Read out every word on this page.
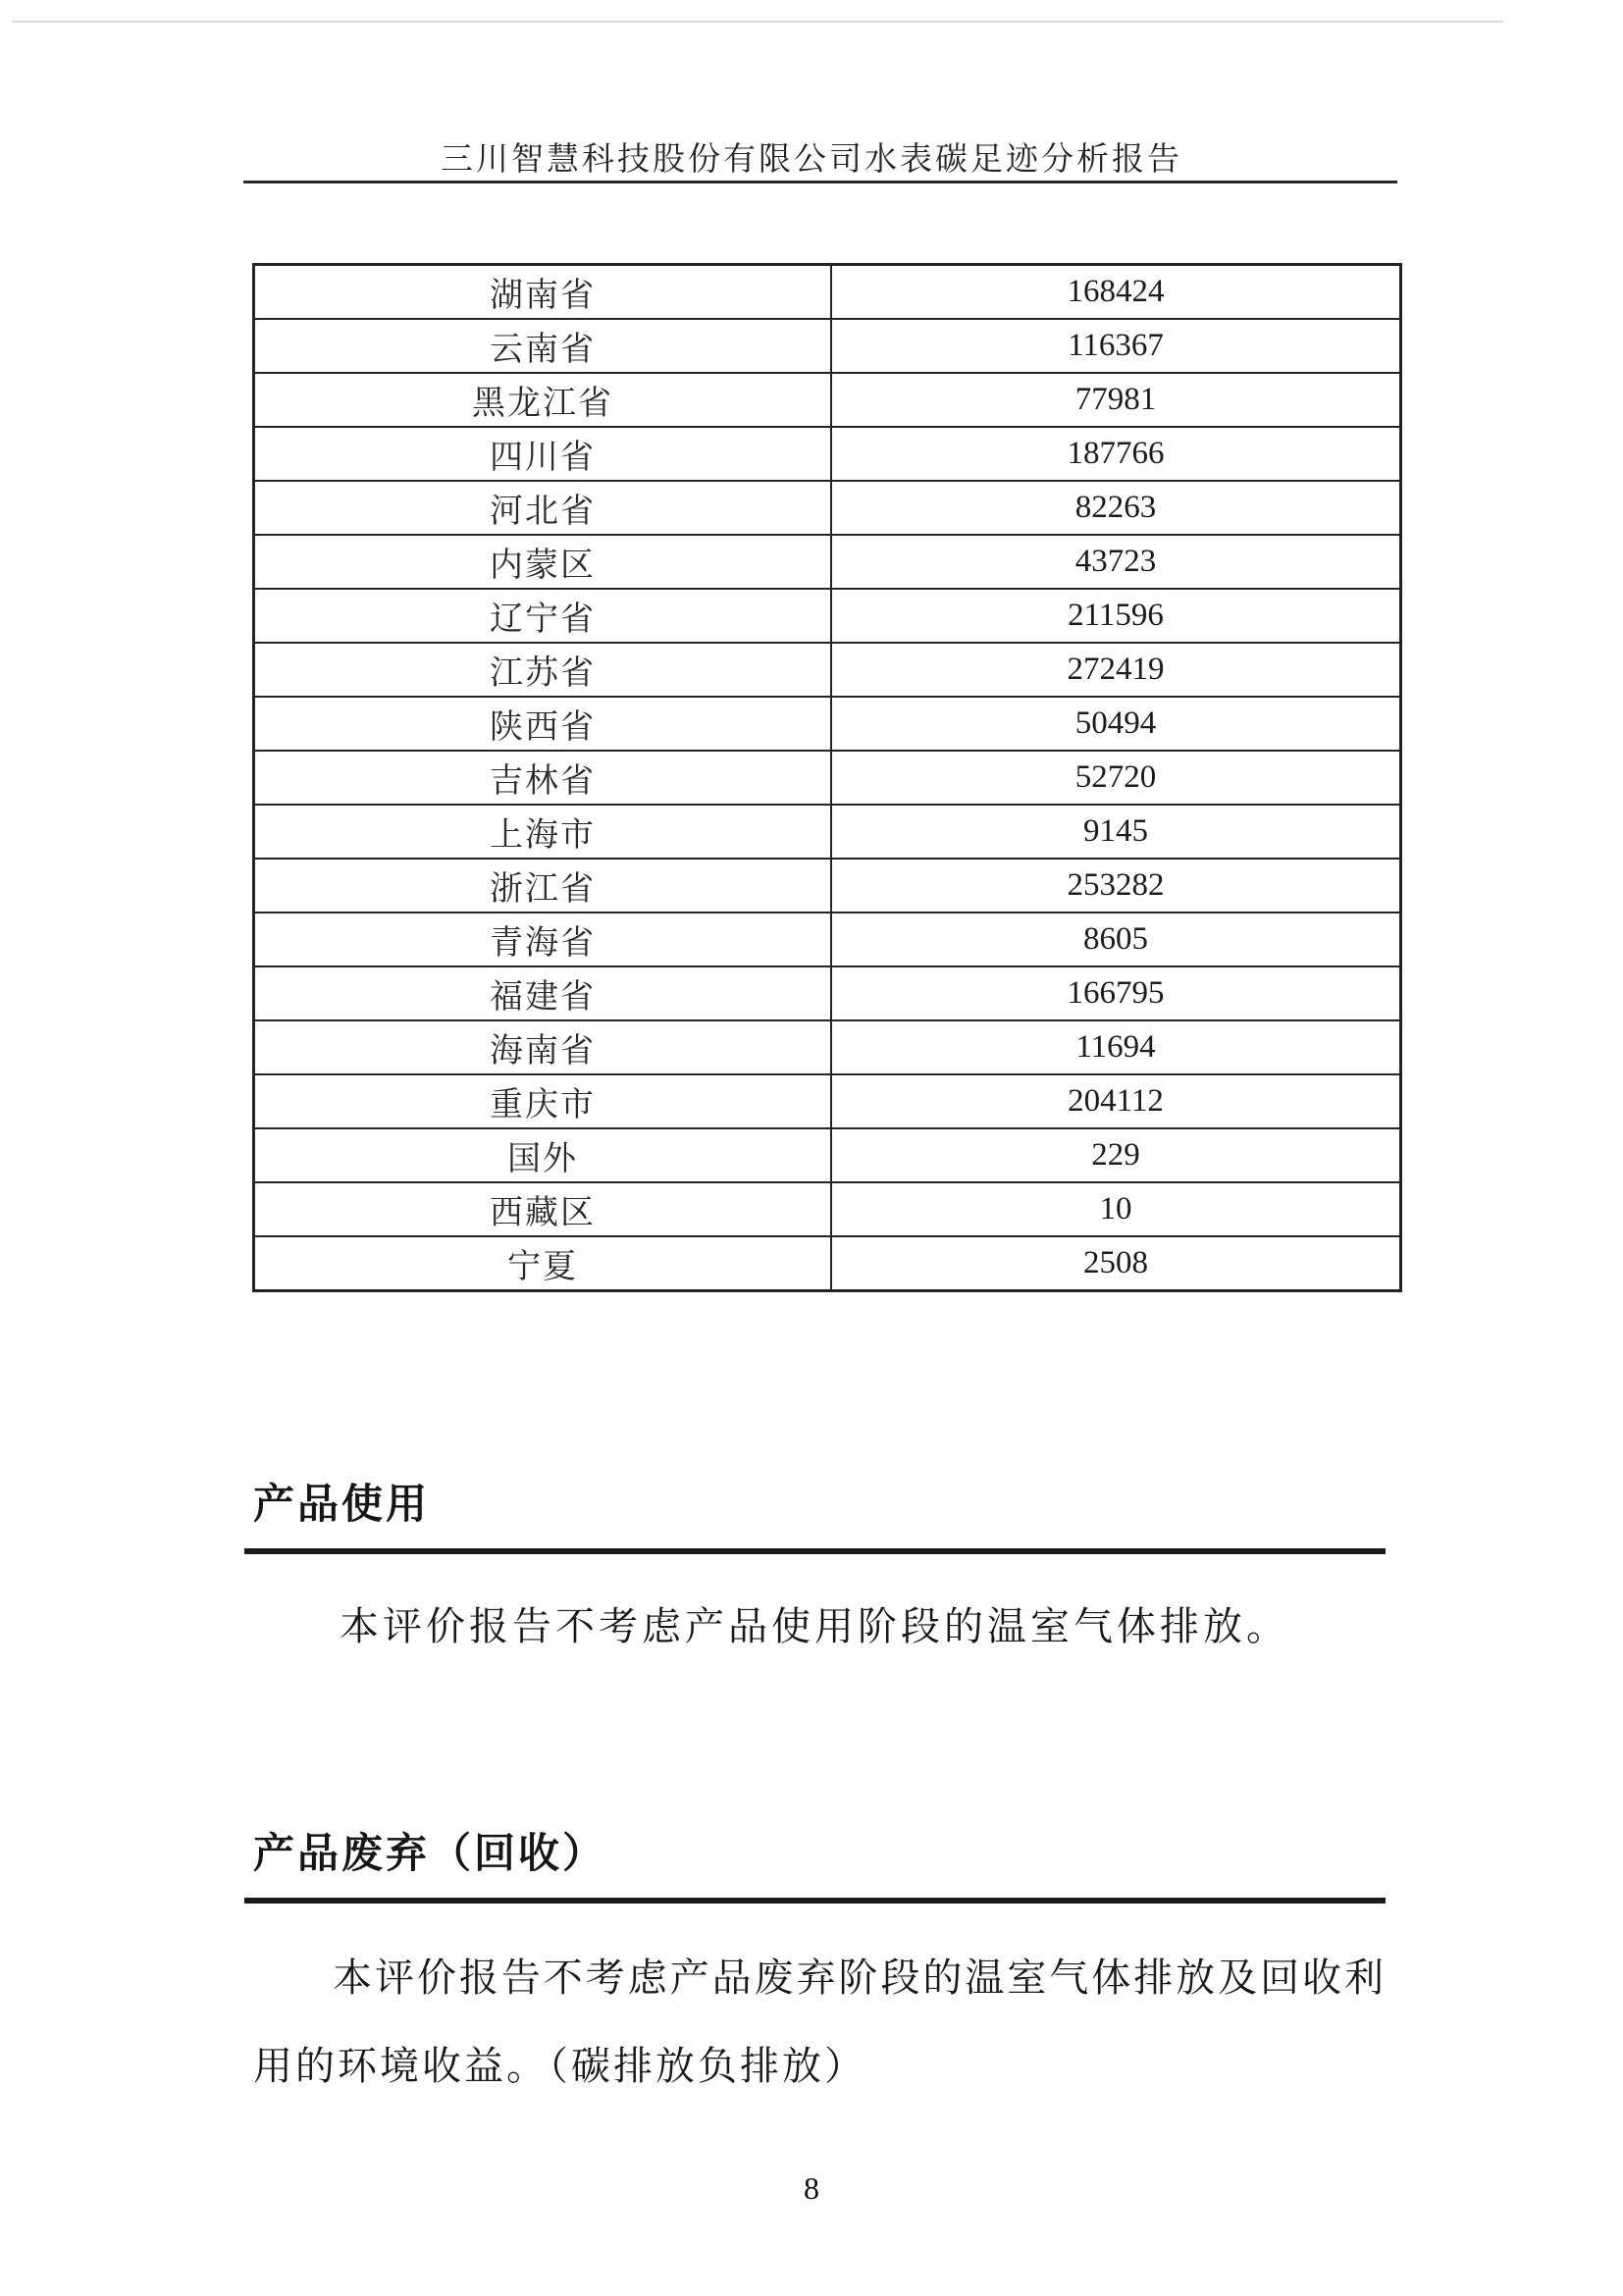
三川智慧科技股份有限公司水表碳足迹分析报告
湖南省	168424
云南省	116367
黑龙江省	77981
四川省	187766
河北省	82263
内蒙区	43723
辽宁省	211596
江苏省	272419
陕西省	50494
吉林省	52720
上海市	9145
浙江省	253282
青海省	8605
福建省	166795
海南省	11694
重庆市	204112
国外	229
西藏区	10
宁夏	2508
产品使用
本评价报告不考虑产品使用阶段的温室气体排放。
产品废弃（回收）
本评价报告不考虑产品废弃阶段的温室气体排放及回收利
用的环境收益。（碳排放负排放）
8
